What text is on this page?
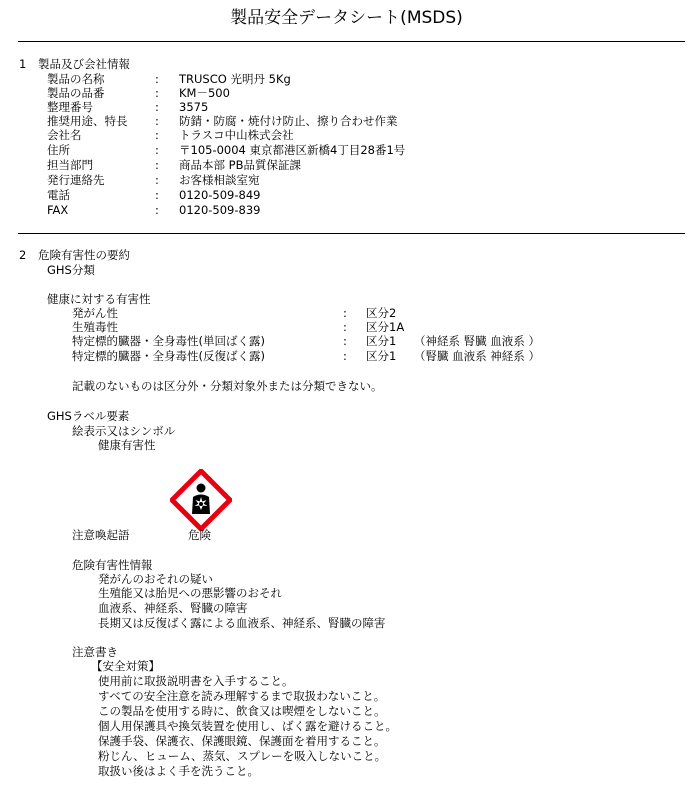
製品安全データシート(MSDS)
1 製品及び会社情報
製品の名称	: TRUSCO 光明丹 5Kg
製品の品番	: KM－500
整理番号	: 3575
推奨用途、特長 : 防錆・防腐・焼付け防止、擦り合わせ作業
会社名	: トラスコ中山株式会社
住所	: 〒105-0004 東京都港区新橋4丁目28番1号
担当部門	: 商品本部 PB品質保証課
発行連絡先	: お客様相談室宛
電話	: 0120-509-849
FAX	: 0120-509-839
2 危険有害性の要約
GHS分類
健康に対する有害性
発がん性	: 区分2
生殖毒性	: 区分1A
特定標的臓器・全身毒性(単回ばく露)	: 区分1 （神経系 腎臓 血液系 ）
特定標的臓器・全身毒性(反復ばく露)	: 区分1 （腎臓 血液系 神経系 ）
記載のないものは区分外・分類対象外または分類できない。
GHSラベル要素
絵表示又はシンボル
健康有害性
注意喚起語	危険
危険有害性情報
発がんのおそれの疑い
生殖能又は胎児への悪影響のおそれ
血液系、神経系、腎臓の障害
長期又は反復ばく露による血液系、神経系、腎臓の障害
注意書き
【安全対策】
使用前に取扱説明書を入手すること。
すべての安全注意を読み理解するまで取扱わないこと。
この製品を使用する時に、飲食又は喫煙をしないこと。
個人用保護具や換気装置を使用し、ばく露を避けること。
保護手袋、保護衣、保護眼鏡、保護面を着用すること。
粉じん、ヒューム、蒸気、スプレーを吸入しないこと。
取扱い後はよく手を洗うこと。
